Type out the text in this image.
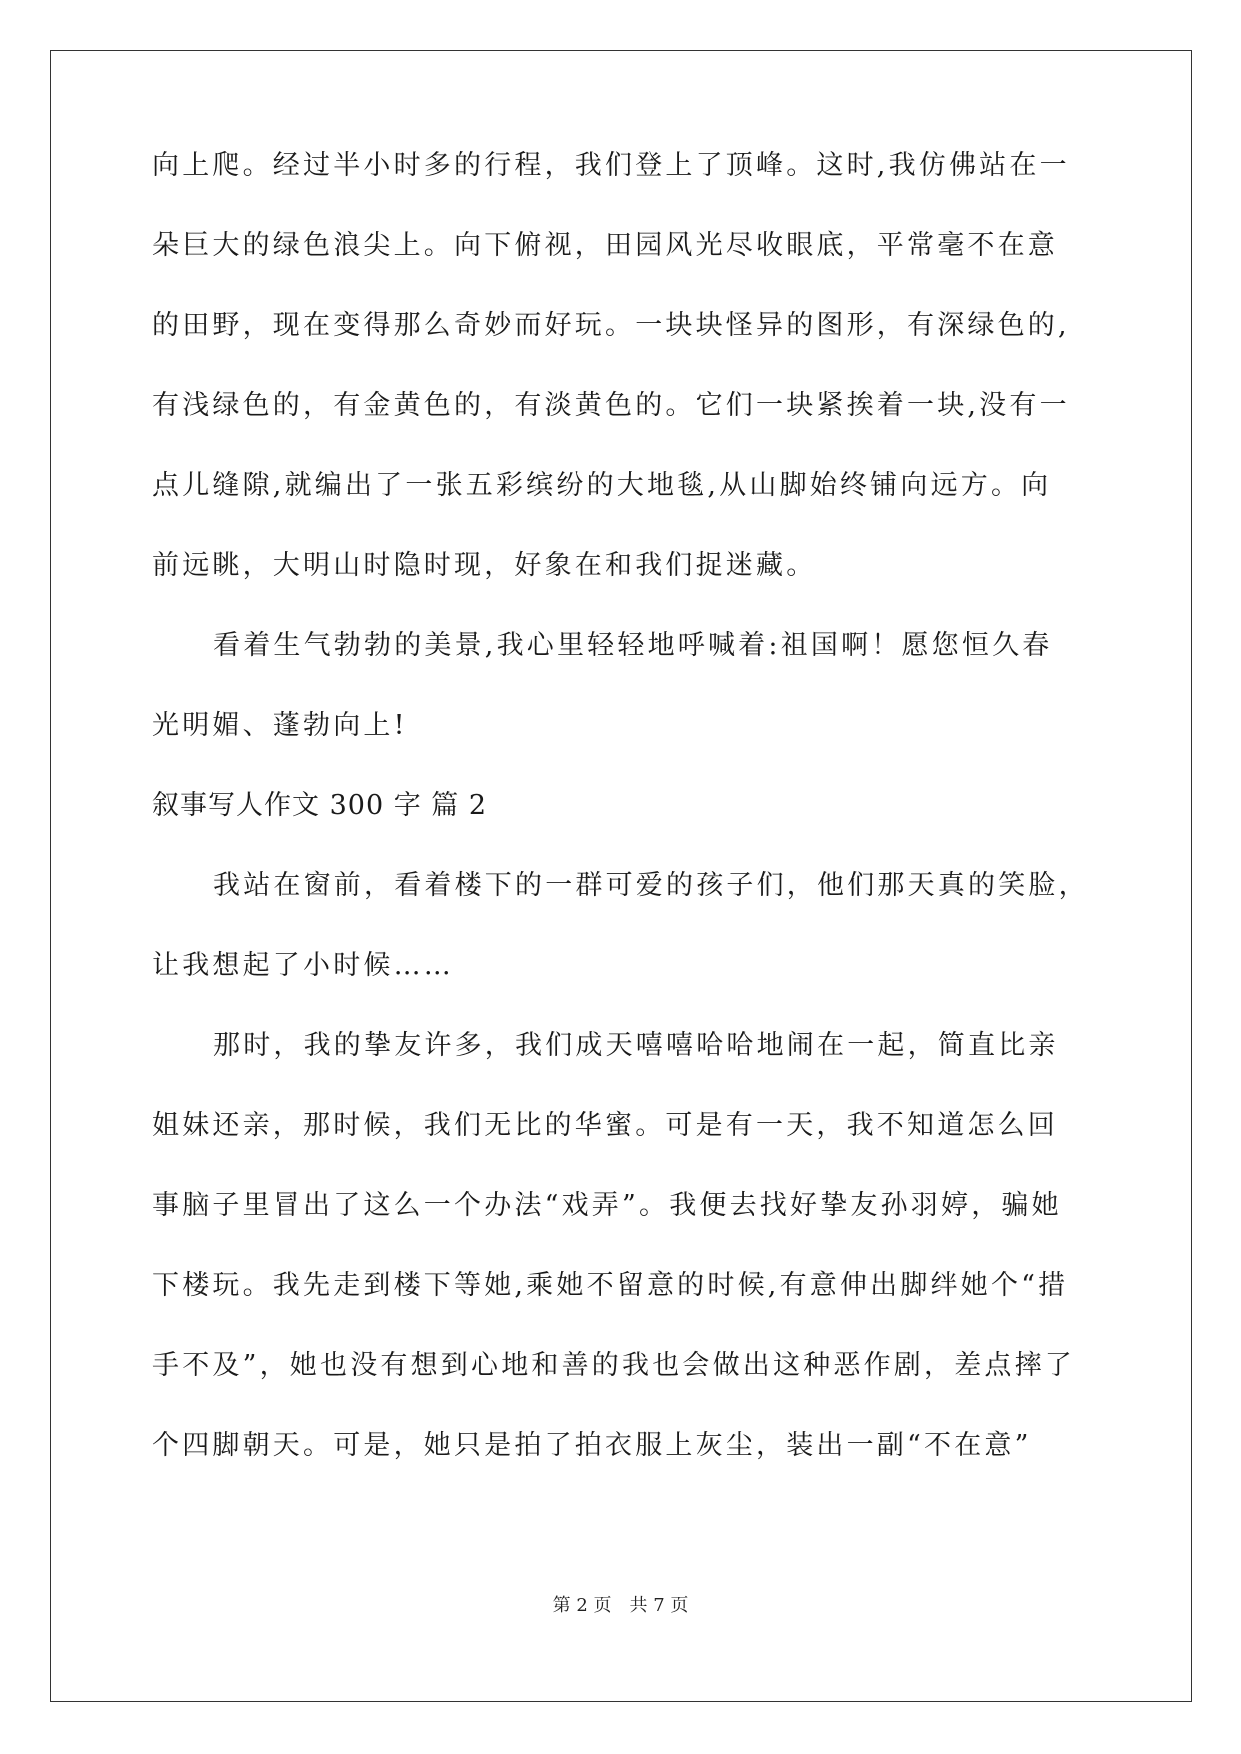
向上爬。经过半小时多的行程，我们登上了顶峰。这时,我仿佛站在一
朵巨大的绿色浪尖上。向下俯视，田园风光尽收眼底，平常毫不在意
的田野，现在变得那么奇妙而好玩。一块块怪异的图形，有深绿色的,
有浅绿色的，有金黄色的，有淡黄色的。它们一块紧挨着一块,没有一
点儿缝隙,就编出了一张五彩缤纷的大地毯,从山脚始终铺向远方。向
前远眺，大明山时隐时现，好象在和我们捉迷藏。
看着生气勃勃的美景,我心里轻轻地呼喊着:祖国啊！愿您恒久春
光明媚、蓬勃向上!
叙事写人作文 300 字 篇 2
我站在窗前，看着楼下的一群可爱的孩子们，他们那天真的笑脸，
让我想起了小时候……
那时，我的挚友许多，我们成天嘻嘻哈哈地闹在一起，简直比亲
姐妹还亲，那时候，我们无比的华蜜。可是有一天，我不知道怎么回
事脑子里冒出了这么一个办法“戏弄”。我便去找好挚友孙羽婷，骗她
下楼玩。我先走到楼下等她,乘她不留意的时候,有意伸出脚绊她个“措
手不及”，她也没有想到心地和善的我也会做出这种恶作剧，差点摔了
个四脚朝天。可是，她只是拍了拍衣服上灰尘，装出一副“不在意”
第 2 页　共 7 页
